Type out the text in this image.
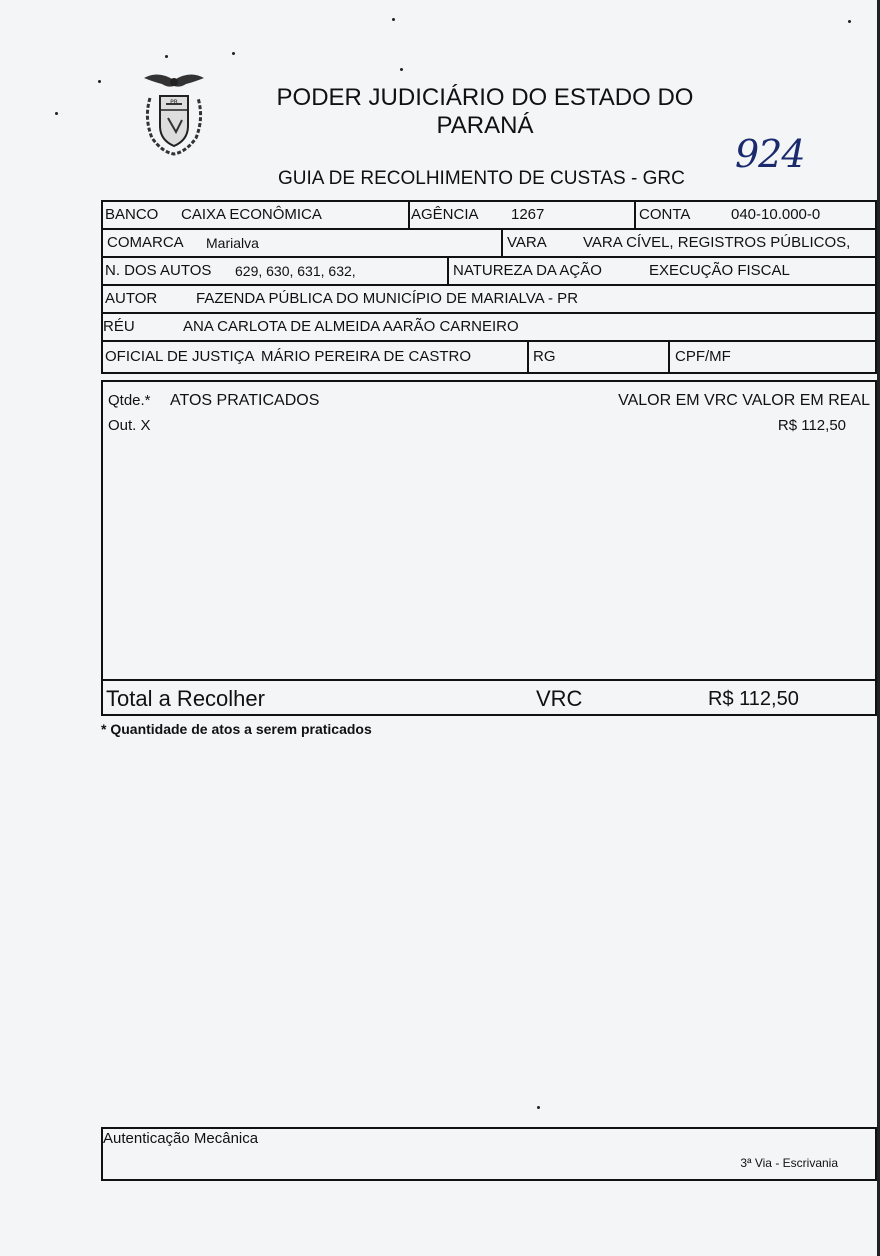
PR	PODER JUDICIÁRIO DO ESTADO DO
PARANÁ
GUIA DE RECOLHIMENTO DE CUSTAS - GRC
924
BANCO CAIXA ECONÔMICA	AGÊNCIA 1267	CONTA	040-10.000-0
COMARCA Marialva	VARA VARA CÍVEL, REGISTROS PÚBLICOS,
N. DOS AUTOS 629, 630, 631, 632,	NATUREZA DA AÇÃO	EXECUÇÃO FISCAL
AUTOR	FAZENDA PÚBLICA DO MUNICÍPIO DE MARIALVA - PR
RÉU	ANA CARLOTA DE ALMEIDA AARÃO CARNEIRO
OFICIAL DE JUSTIÇA MÁRIO PEREIRA DE CASTRO	RG	CPF/MF
Qtde.* ATOS PRATICADOS	VALOR EM VRC VALOR EM REAL
Out. X	R$ 112,50
Total a Recolher	VRC	R$ 112,50
* Quantidade de atos a serem praticados
Autenticação Mecânica
3ª Via - Escrivania
